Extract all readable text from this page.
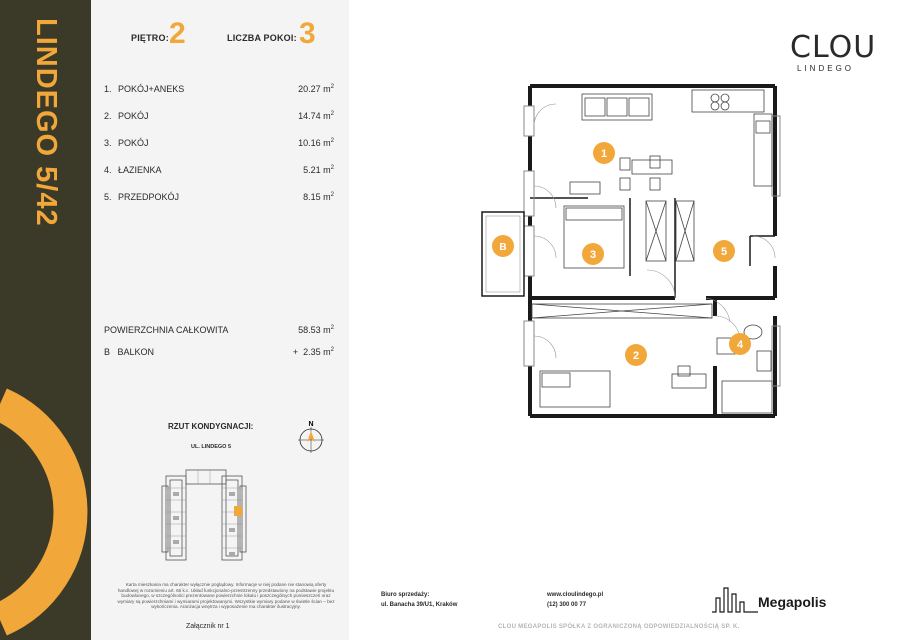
LINDEGO 5/42	PIĘTRO: 2	LICZBA POKOI: 3
1. POKÓJ+ANEKS	20.27 $m^2$
2. POKÓJ	14.74 $m^2$
3. POKÓJ	10.16 $m^2$
4. ŁAZIENKA	5.21 $m^2$
5. PRZEDPOKÓJ	8.15 $m^2$
POWIERZCHNIA CAŁKOWITA	58.53 $m^2$
B   BALKON	+  2.35 $m^2$
RZUT KONDYGNACJI:
UL. LINDEGO 5
N
Karta mieszkania ma charakter wyłącznie poglądowy. Informacje w niej podane nie stanowią oferty handlowej w rozumieniu art. 66 k.c. Układ funkcjonalno-przestrzenny przedstawiony na podstawie projektu budowlanego, w szczególności prezentowane powierzchnie lokalu i poszczególnych pomieszczeń oraz wymiary są powierzchniami i wymiarami projektowanymi. Wszystkie wymiary podane w świetle ścian – bez wykończenia. Aranżacja wnętrza i wyposażenie ma charakter ilustracyjny.
Załącznik nr 1
CLOU
LINDEGO
1
3	5
2
4
B
Biuro sprzedaży:
ul. Banacha 39/U1, Kraków
www.cloulindego.pl
(12) 300 00 77	Megapolis
CLOU MEGAPOLIS SPÓŁKA Z OGRANICZONĄ ODPOWIEDZIALNOŚCIĄ SP. K.
